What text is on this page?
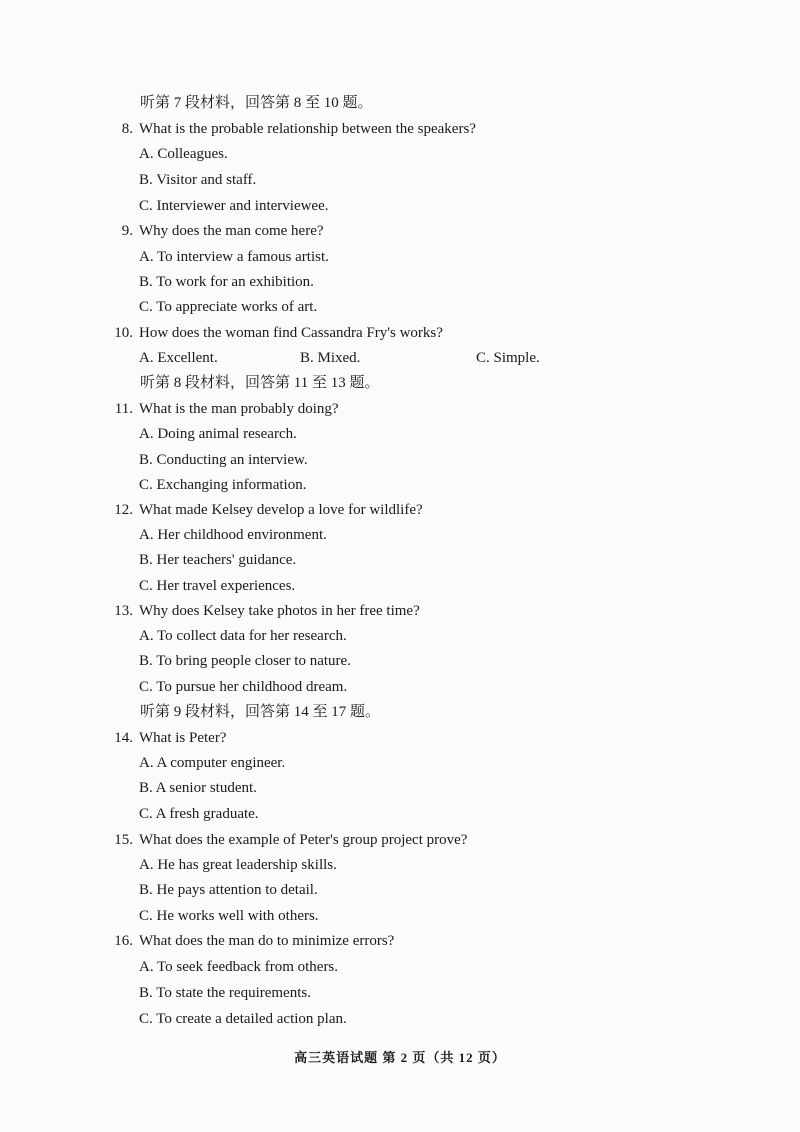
听第 7 段材料，回答第 8 至 10 题。
8. What is the probable relationship between the speakers?
A. Colleagues.
B. Visitor and staff.
C. Interviewer and interviewee.
9. Why does the man come here?
A. To interview a famous artist.
B. To work for an exhibition.
C. To appreciate works of art.
10. How does the woman find Cassandra Fry's works?
A. Excellent.	B. Mixed.	C. Simple.
听第 8 段材料，回答第 11 至 13 题。
11. What is the man probably doing?
A. Doing animal research.
B. Conducting an interview.
C. Exchanging information.
12. What made Kelsey develop a love for wildlife?
A. Her childhood environment.
B. Her teachers' guidance.
C. Her travel experiences.
13. Why does Kelsey take photos in her free time?
A. To collect data for her research.
B. To bring people closer to nature.
C. To pursue her childhood dream.
听第 9 段材料，回答第 14 至 17 题。
14. What is Peter?
A. A computer engineer.
B. A senior student.
C. A fresh graduate.
15. What does the example of Peter's group project prove?
A. He has great leadership skills.
B. He pays attention to detail.
C. He works well with others.
16. What does the man do to minimize errors?
A. To seek feedback from others.
B. To state the requirements.
C. To create a detailed action plan.
高三英语试题 第 2 页（共 12 页）
